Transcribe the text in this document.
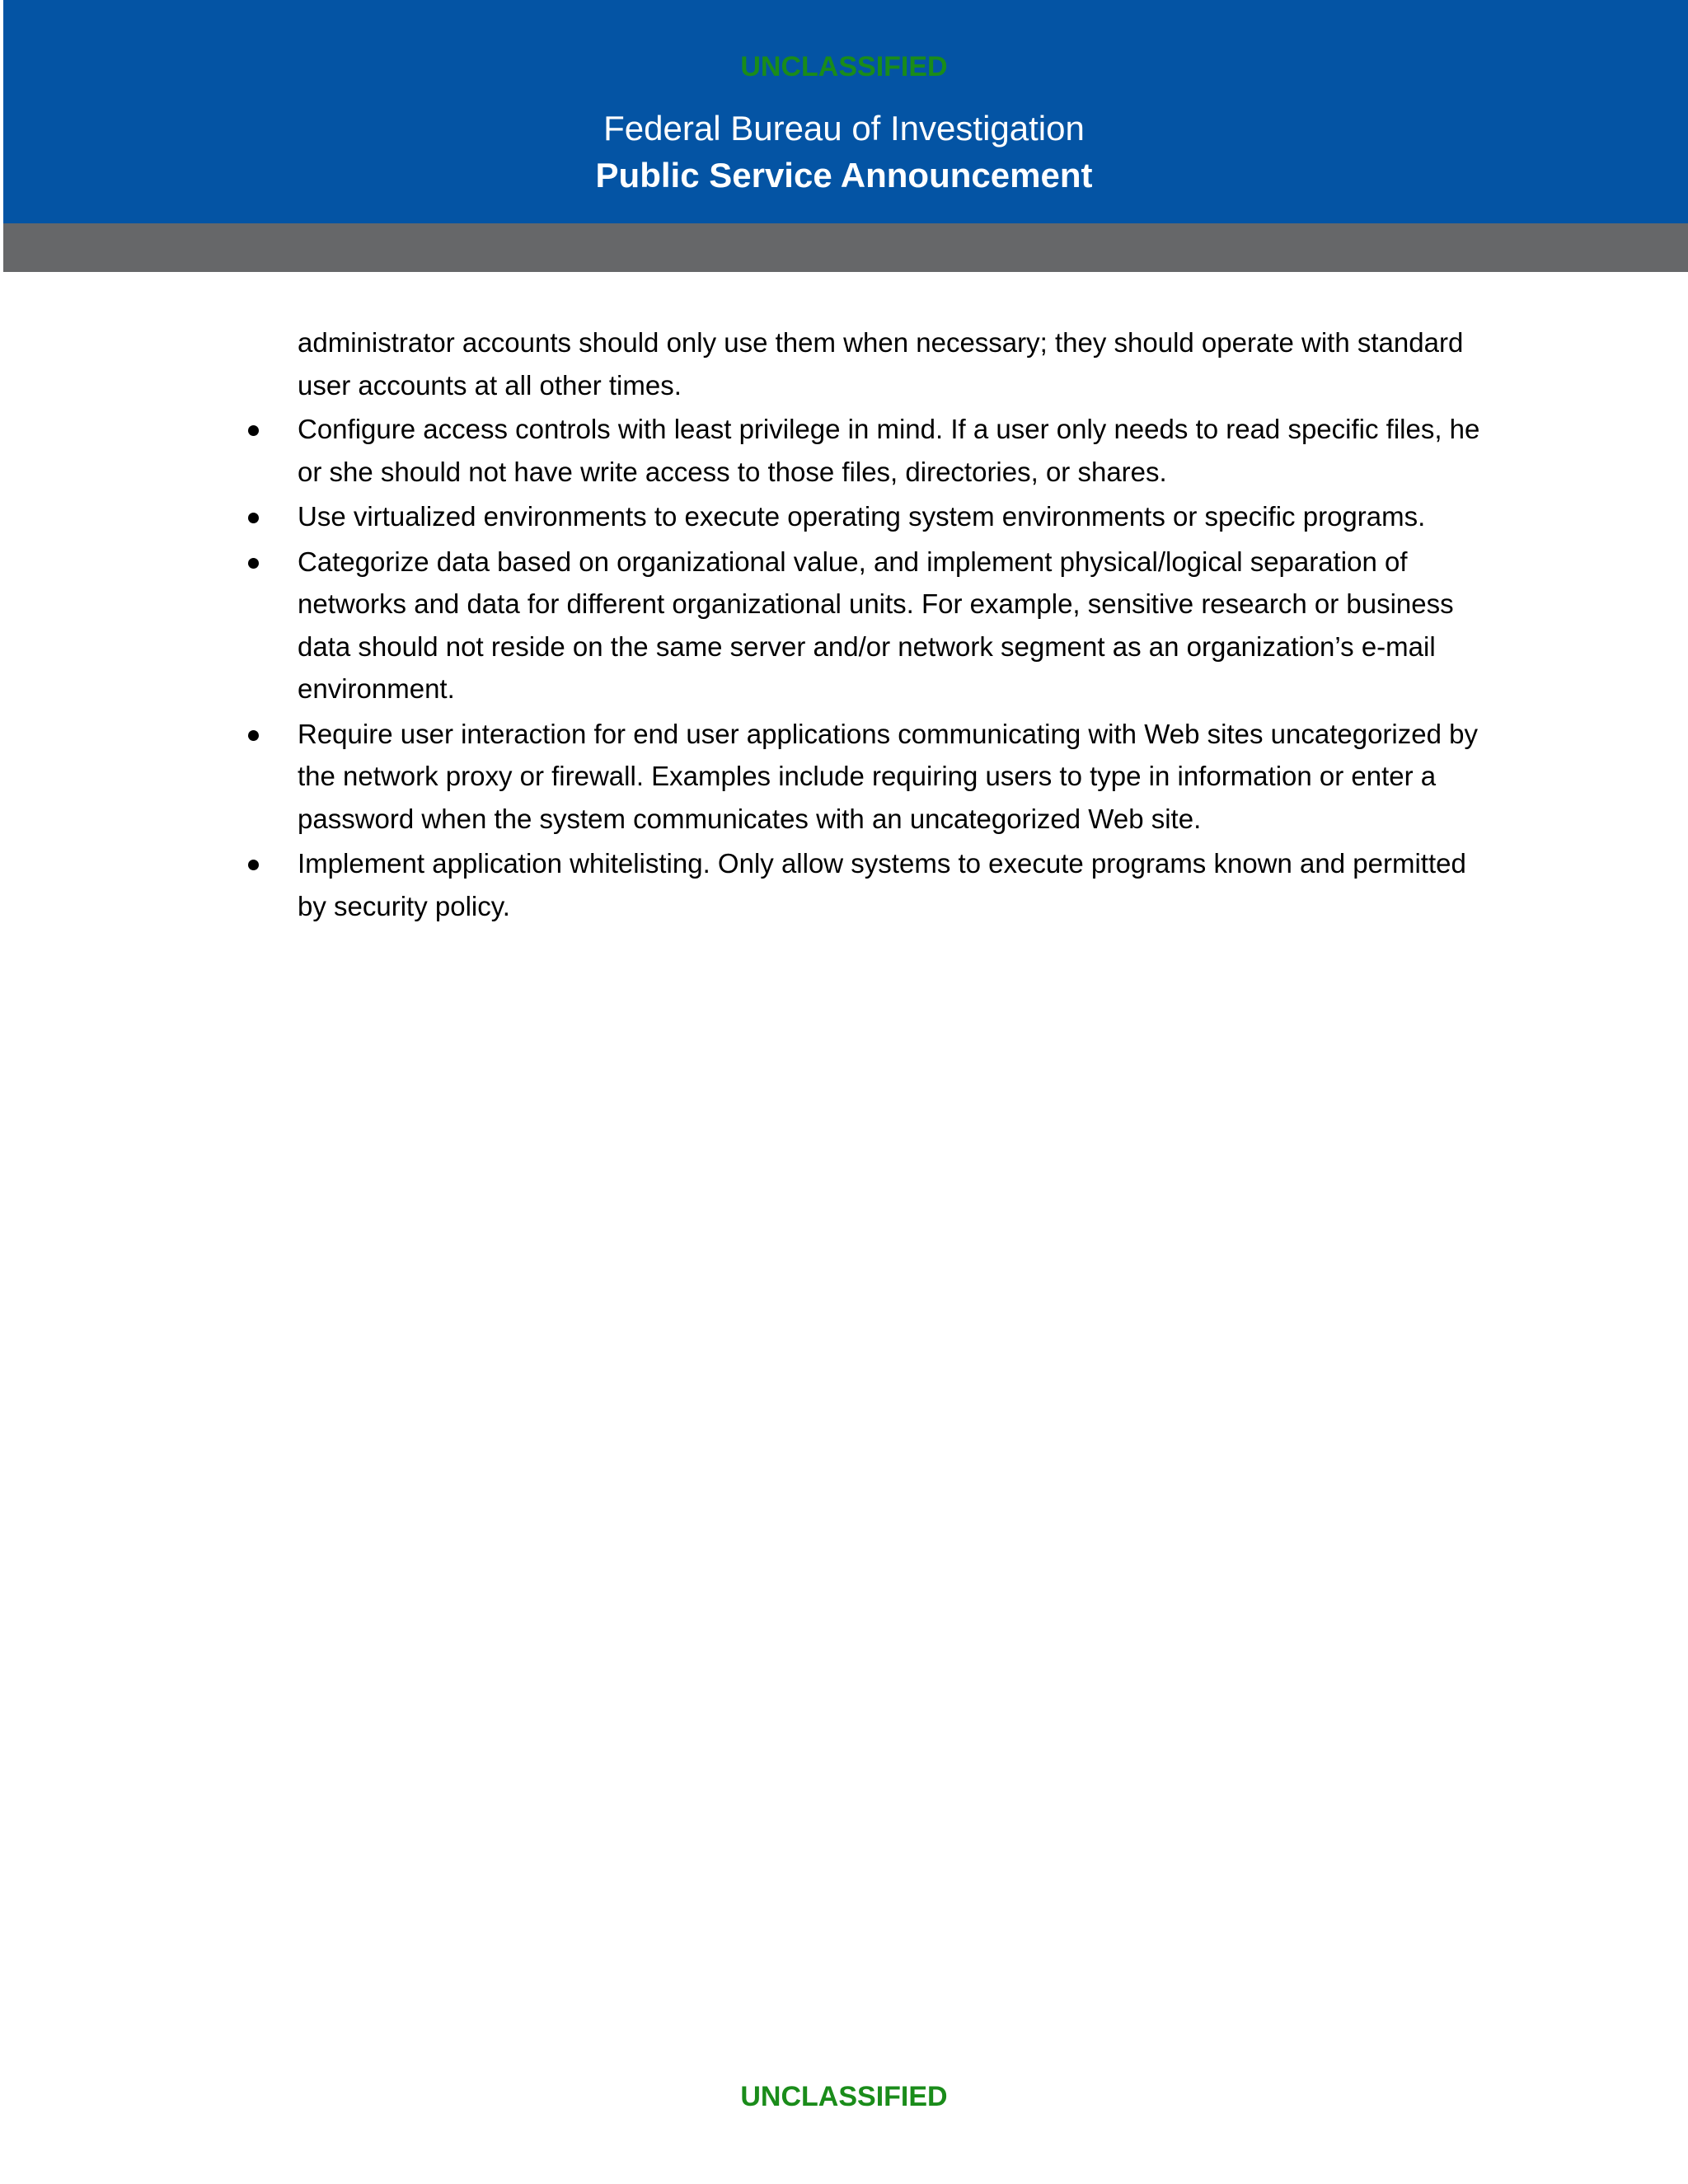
UNCLASSIFIED
Federal Bureau of Investigation
Public Service Announcement
administrator accounts should only use them when necessary; they should operate with standard user accounts at all other times.
Configure access controls with least privilege in mind. If a user only needs to read specific files, he or she should not have write access to those files, directories, or shares.
Use virtualized environments to execute operating system environments or specific programs.
Categorize data based on organizational value, and implement physical/logical separation of networks and data for different organizational units. For example, sensitive research or business data should not reside on the same server and/or network segment as an organization’s e-mail environment.
Require user interaction for end user applications communicating with Web sites uncategorized by the network proxy or firewall. Examples include requiring users to type in information or enter a password when the system communicates with an uncategorized Web site.
Implement application whitelisting. Only allow systems to execute programs known and permitted by security policy.
UNCLASSIFIED
